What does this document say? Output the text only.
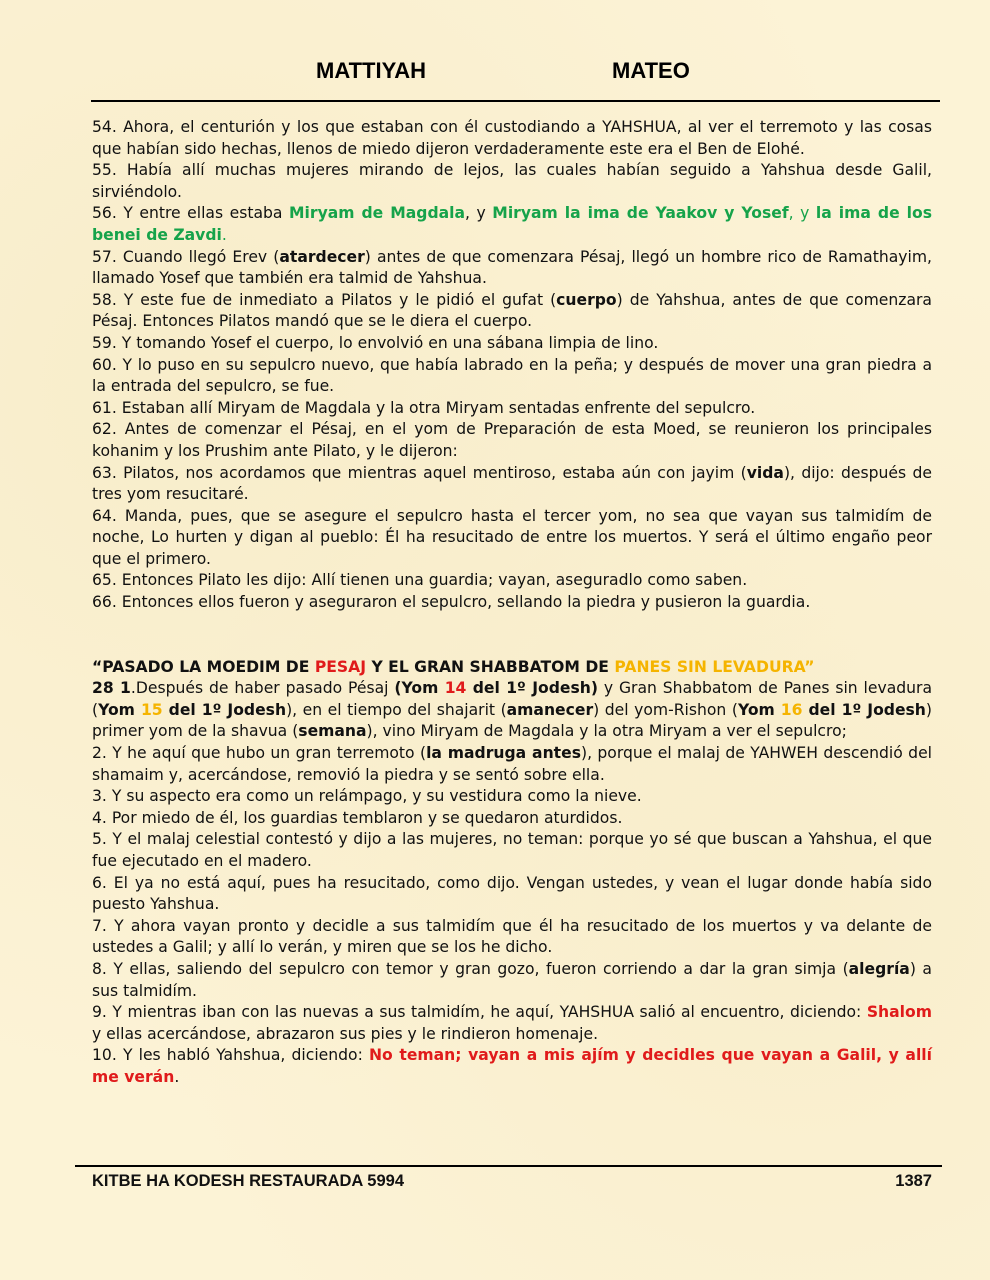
MATTIYAH	MATEO

54. Ahora, el centurión y los que estaban con él custodiando a YAHSHUA, al ver el terremoto y las cosas que habían sido hechas, llenos de miedo dijeron verdaderamente este era el Ben de Elohé.

55. Había allí muchas mujeres mirando de lejos, las cuales habían seguido a Yahshua desde Galil, sirviéndolo.

56. Y entre ellas estaba Miryam de Magdala, y Miryam la ima de Yaakov y Yosef, y la ima de los benei de Zavdi.

57. Cuando llegó Erev (atardecer) antes de que comenzara Pésaj, llegó un hombre rico de Ramathayim, llamado Yosef que también era talmid de Yahshua.

58. Y este fue de inmediato a Pilatos y le pidió el gufat (cuerpo) de Yahshua, antes de que comenzara Pésaj. Entonces Pilatos mandó que se le diera el cuerpo.

59. Y tomando Yosef el cuerpo, lo envolvió en una sábana limpia de lino.

60. Y lo puso en su sepulcro nuevo, que había labrado en la peña; y después de mover una gran piedra a la entrada del sepulcro, se fue.

61. Estaban allí Miryam de Magdala y la otra Miryam sentadas enfrente del sepulcro.

62. Antes de comenzar el Pésaj, en el yom de Preparación de esta Moed, se reunieron los principales kohanim y los Prushim ante Pilato, y le dijeron:

63. Pilatos, nos acordamos que mientras aquel mentiroso, estaba aún con jayim (vida), dijo: después de tres yom resucitaré.

64. Manda, pues, que se asegure el sepulcro hasta el tercer yom, no sea que vayan sus talmidím de noche, Lo hurten y digan al pueblo: Él ha resucitado de entre los muertos. Y será el último engaño peor que el primero.

65. Entonces Pilato les dijo: Allí tienen una guardia; vayan, aseguradlo como saben.

66. Entonces ellos fueron y aseguraron el sepulcro, sellando la piedra y pusieron la guardia.

“PASADO LA MOEDIM DE PESAJ Y EL GRAN SHABBATOM DE PANES SIN LEVADURA”

28 1.Después de haber pasado Pésaj (Yom 14 del 1º Jodesh) y Gran Shabbatom de Panes sin levadura (Yom 15 del 1º Jodesh), en el tiempo del shajarit (amanecer) del yom-Rishon (Yom 16 del 1º Jodesh) primer yom de la shavua (semana), vino Miryam de Magdala y la otra Miryam a ver el sepulcro;

2. Y he aquí que hubo un gran terremoto (la madruga antes), porque el malaj de YAHWEH descendió del shamaim y, acercándose, removió la piedra y se sentó sobre ella.

3. Y su aspecto era como un relámpago, y su vestidura como la nieve.

4. Por miedo de él, los guardias temblaron y se quedaron aturdidos.

5. Y el malaj celestial contestó y dijo a las mujeres, no teman: porque yo sé que buscan a Yahshua, el que fue ejecutado en el madero.

6. El ya no está aquí, pues ha resucitado, como dijo. Vengan ustedes, y vean el lugar donde había sido puesto Yahshua.

7. Y ahora vayan pronto y decidle a sus talmidím que él ha resucitado de los muertos y va delante de ustedes a Galil; y allí lo verán, y miren que se los he dicho.

8. Y ellas, saliendo del sepulcro con temor y gran gozo, fueron corriendo a dar la gran simja (alegría) a sus talmidím.

9. Y mientras iban con las nuevas a sus talmidím, he aquí, YAHSHUA salió al encuentro, diciendo: Shalom y ellas acercándose, abrazaron sus pies y le rindieron homenaje.

10. Y les habló Yahshua, diciendo: No teman; vayan a mis ajím y decidles que vayan a Galil, y allí me verán.

KITBE HA KODESH RESTAURADA 5994	1387
